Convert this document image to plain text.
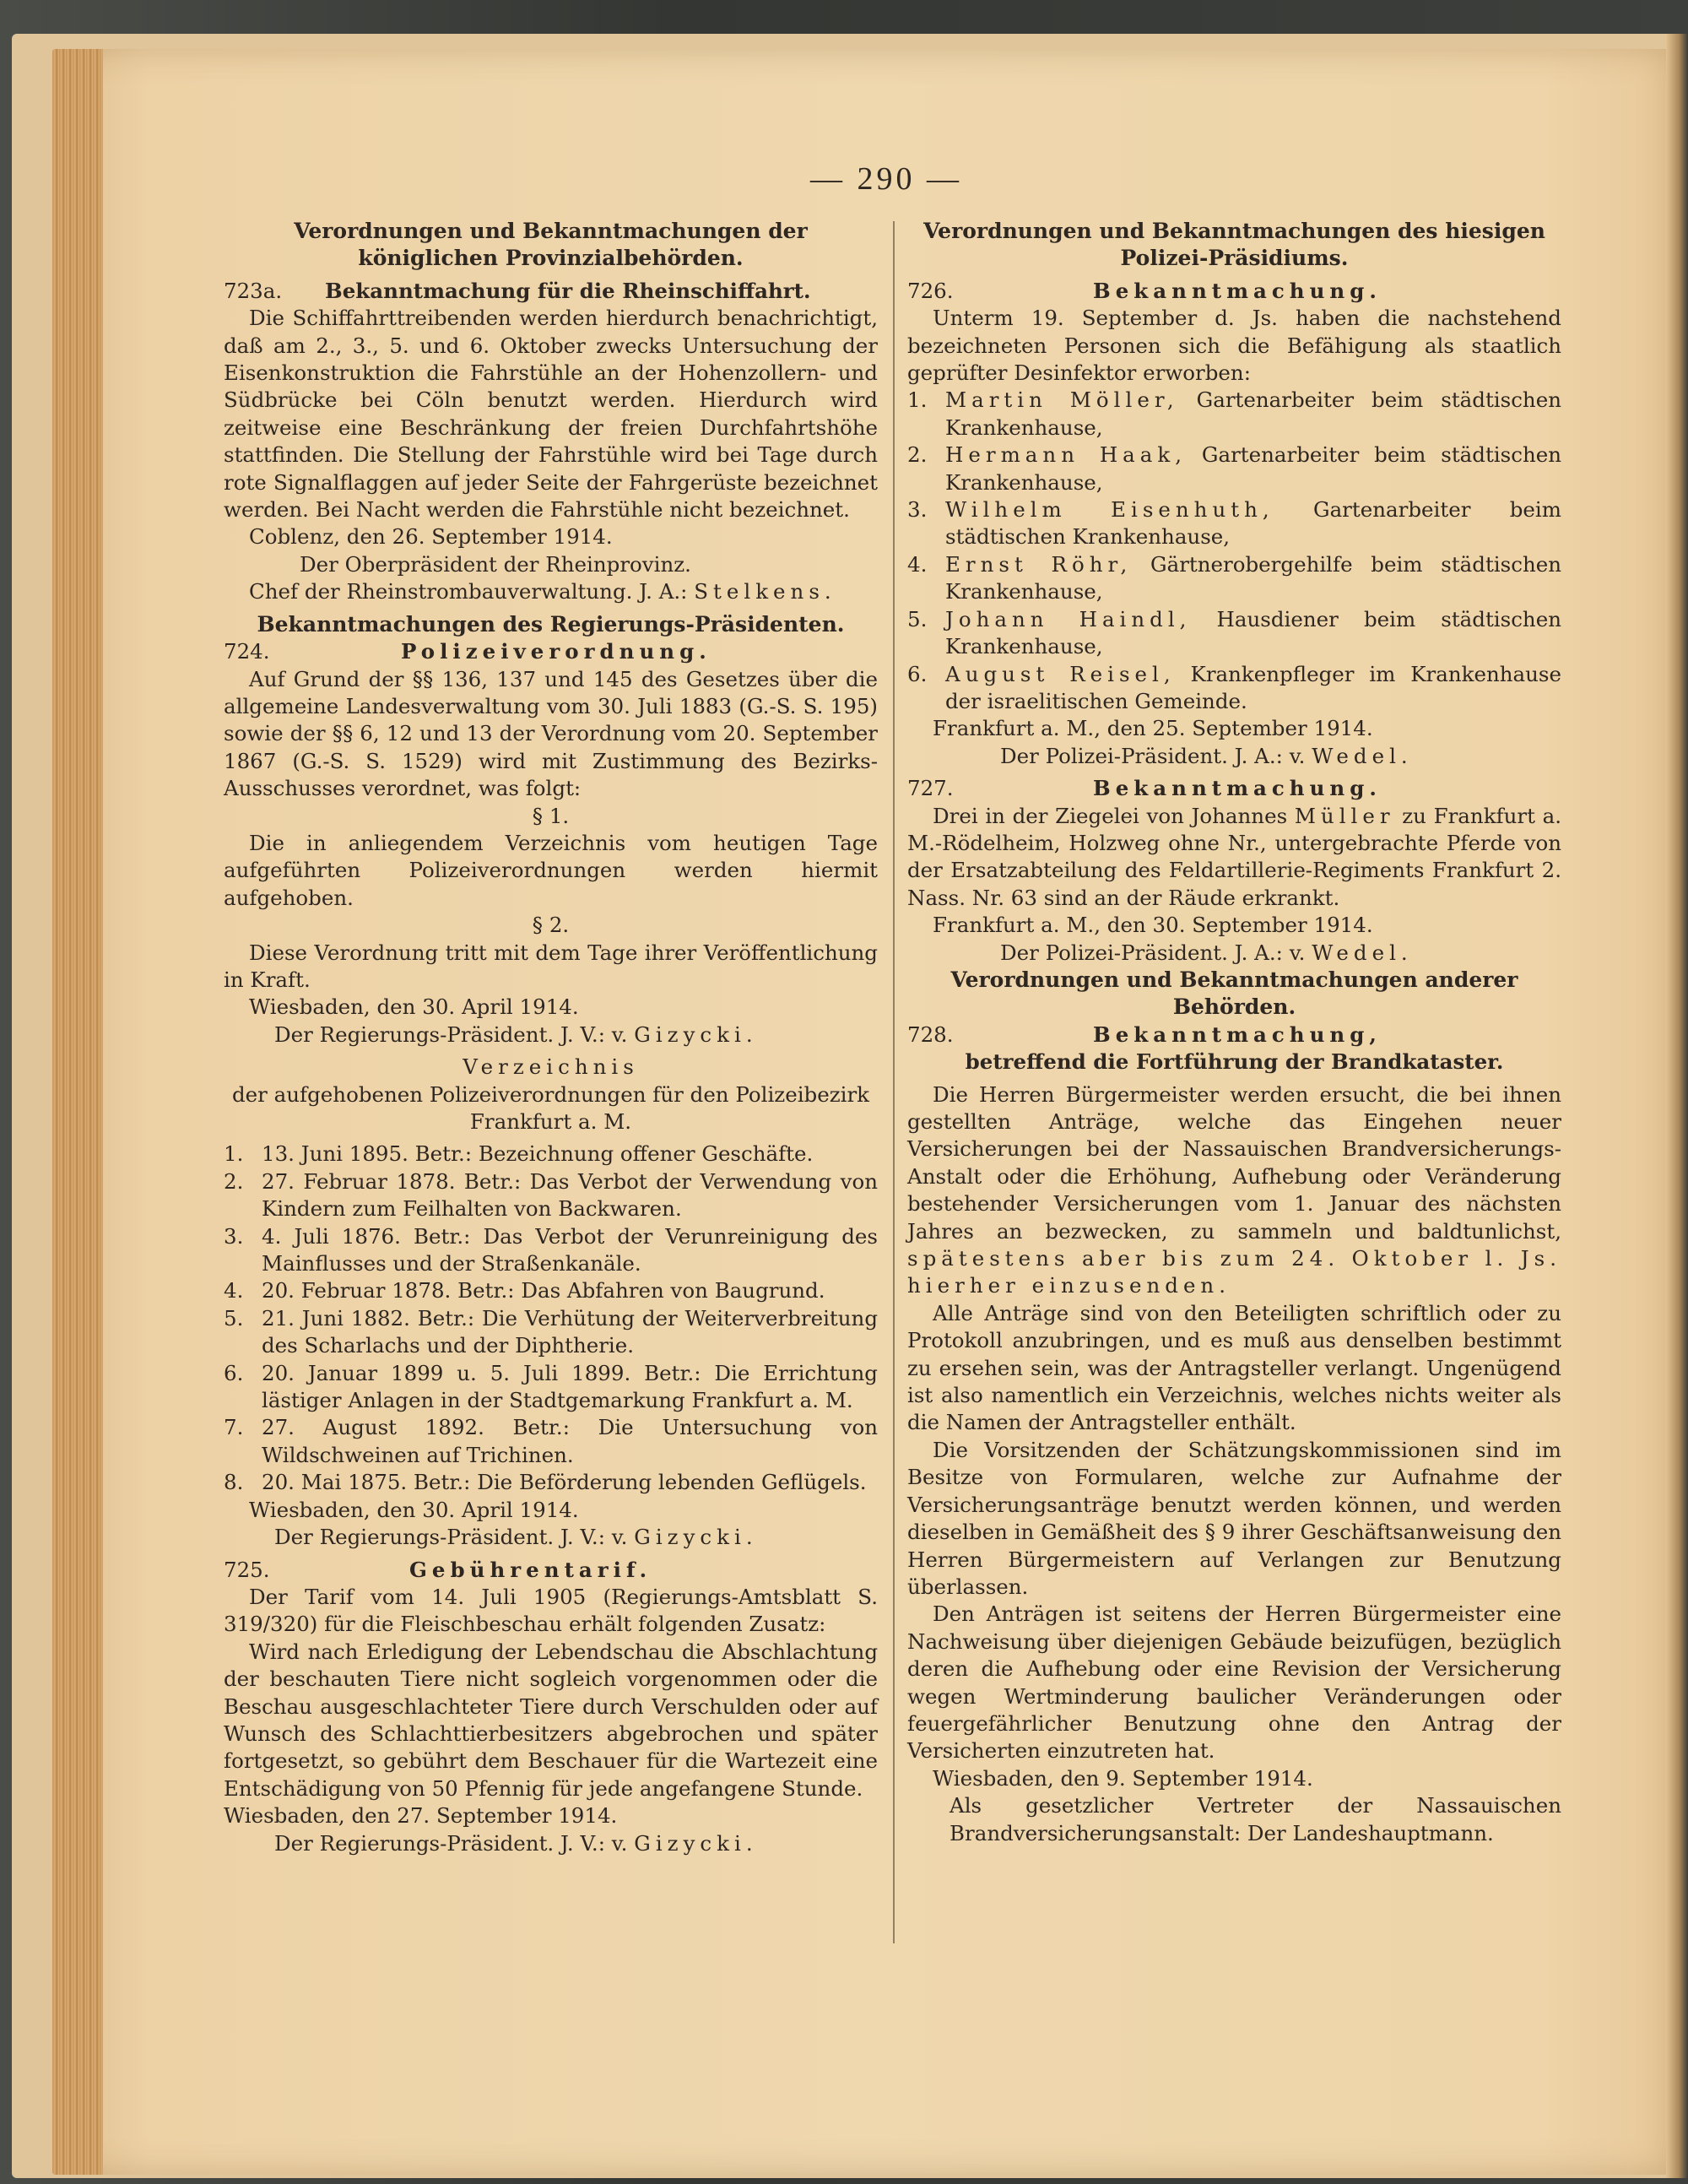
— 290 —

Verordnungen und Bekanntmachungen der königlichen Provinzialbehörden.

723a.	Bekanntmachung für die Rheinschiffahrt.

Die Schiffahrttreibenden werden hierdurch benachrichtigt, daß am 2., 3., 5. und 6. Oktober zwecks Untersuchung der Eisenkonstruktion die Fahrstühle an der Hohenzollern- und Südbrücke bei Cöln benutzt werden. Hierdurch wird zeitweise eine Beschränkung der freien Durchfahrtshöhe stattfinden. Die Stellung der Fahrstühle wird bei Tage durch rote Signalflaggen auf jeder Seite der Fahrgerüste bezeichnet werden. Bei Nacht werden die Fahrstühle nicht bezeichnet.

Coblenz, den 26. September 1914.

Der Oberpräsident der Rheinprovinz.

Chef der Rheinstrombauverwaltung. J. A.: Stelkens.

Bekanntmachungen des Regierungs-Präsidenten.

724.	Polizeiverordnung.

Auf Grund der §§ 136, 137 und 145 des Gesetzes über die allgemeine Landesverwaltung vom 30. Juli 1883 (G.-S. S. 195) sowie der §§ 6, 12 und 13 der Verordnung vom 20. September 1867 (G.-S. S. 1529) wird mit Zustimmung des Bezirks-Ausschusses verordnet, was folgt:

§ 1.

Die in anliegendem Verzeichnis vom heutigen Tage aufgeführten Polizeiverordnungen werden hiermit aufgehoben.

§ 2.

Diese Verordnung tritt mit dem Tage ihrer Veröffentlichung in Kraft.

Wiesbaden, den 30. April 1914.

Der Regierungs-Präsident. J. V.: v. Gizycki.

Verzeichnis

der aufgehobenen Polizeiverordnungen für den Polizeibezirk

Frankfurt a. M.

1. 13. Juni 1895. Betr.: Bezeichnung offener Geschäfte.
2. 27. Februar 1878. Betr.: Das Verbot der Verwendung von Kindern zum Feilhalten von Backwaren.
3. 4. Juli 1876. Betr.: Das Verbot der Verunreinigung des Mainflusses und der Straßenkanäle.
4. 20. Februar 1878. Betr.: Das Abfahren von Baugrund.
5. 21. Juni 1882. Betr.: Die Verhütung der Weiterverbreitung des Scharlachs und der Diphtherie.
6. 20. Januar 1899 u. 5. Juli 1899. Betr.: Die Errichtung lästiger Anlagen in der Stadtgemarkung Frankfurt a. M.
7. 27. August 1892. Betr.: Die Untersuchung von Wildschweinen auf Trichinen.
8. 20. Mai 1875. Betr.: Die Beförderung lebenden Geflügels.

Wiesbaden, den 30. April 1914.

Der Regierungs-Präsident. J. V.: v. Gizycki.

725.	Gebührentarif.

Der Tarif vom 14. Juli 1905 (Regierungs-Amtsblatt S. 319/320) für die Fleischbeschau erhält folgenden Zusatz:

Wird nach Erledigung der Lebendschau die Abschlachtung der beschauten Tiere nicht sogleich vorgenommen oder die Beschau ausgeschlachteter Tiere durch Verschulden oder auf Wunsch des Schlachttierbesitzers abgebrochen und später fortgesetzt, so gebührt dem Beschauer für die Wartezeit eine Entschädigung von 50 Pfennig für jede angefangene Stunde.

Wiesbaden, den 27. September 1914.

Der Regierungs-Präsident. J. V.: v. Gizycki.

Verordnungen und Bekanntmachungen des hiesigen Polizei-Präsidiums.

726.	Bekanntmachung.

Unterm 19. September d. Js. haben die nachstehend bezeichneten Personen sich die Befähigung als staatlich geprüfter Desinfektor erworben:

1. Martin Möller, Gartenarbeiter beim städtischen Krankenhause,
2. Hermann Haak, Gartenarbeiter beim städtischen Krankenhause,
3. Wilhelm Eisenhuth, Gartenarbeiter beim städtischen Krankenhause,
4. Ernst Röhr, Gärtnerobergehilfe beim städtischen Krankenhause,
5. Johann Haindl, Hausdiener beim städtischen Krankenhause,
6. August Reisel, Krankenpfleger im Krankenhause der israelitischen Gemeinde.

Frankfurt a. M., den 25. September 1914.

Der Polizei-Präsident. J. A.: v. Wedel.

727.	Bekanntmachung.

Drei in der Ziegelei von Johannes Müller zu Frankfurt a. M.-Rödelheim, Holzweg ohne Nr., untergebrachte Pferde von der Ersatzabteilung des Feldartillerie-Regiments Frankfurt 2. Nass. Nr. 63 sind an der Räude erkrankt.

Frankfurt a. M., den 30. September 1914.

Der Polizei-Präsident. J. A.: v. Wedel.

Verordnungen und Bekanntmachungen anderer Behörden.

728.	Bekanntmachung,

betreffend die Fortführung der Brandkataster.

Die Herren Bürgermeister werden ersucht, die bei ihnen gestellten Anträge, welche das Eingehen neuer Versicherungen bei der Nassauischen Brandversicherungs-Anstalt oder die Erhöhung, Aufhebung oder Veränderung bestehender Versicherungen vom 1. Januar des nächsten Jahres an bezwecken, zu sammeln und baldtunlichst, spätestens aber bis zum 24. Oktober l. Js. hierher einzusenden.

Alle Anträge sind von den Beteiligten schriftlich oder zu Protokoll anzubringen, und es muß aus denselben bestimmt zu ersehen sein, was der Antragsteller verlangt. Ungenügend ist also namentlich ein Verzeichnis, welches nichts weiter als die Namen der Antragsteller enthält.

Die Vorsitzenden der Schätzungskommissionen sind im Besitze von Formularen, welche zur Aufnahme der Versicherungsanträge benutzt werden können, und werden dieselben in Gemäßheit des § 9 ihrer Geschäftsanweisung den Herren Bürgermeistern auf Verlangen zur Benutzung überlassen.

Den Anträgen ist seitens der Herren Bürgermeister eine Nachweisung über diejenigen Gebäude beizufügen, bezüglich deren die Aufhebung oder eine Revision der Versicherung wegen Wertminderung baulicher Veränderungen oder feuergefährlicher Benutzung ohne den Antrag der Versicherten einzutreten hat.

Wiesbaden, den 9. September 1914.

Als gesetzlicher Vertreter der Nassauischen Brandversicherungsanstalt: Der Landeshauptmann.
